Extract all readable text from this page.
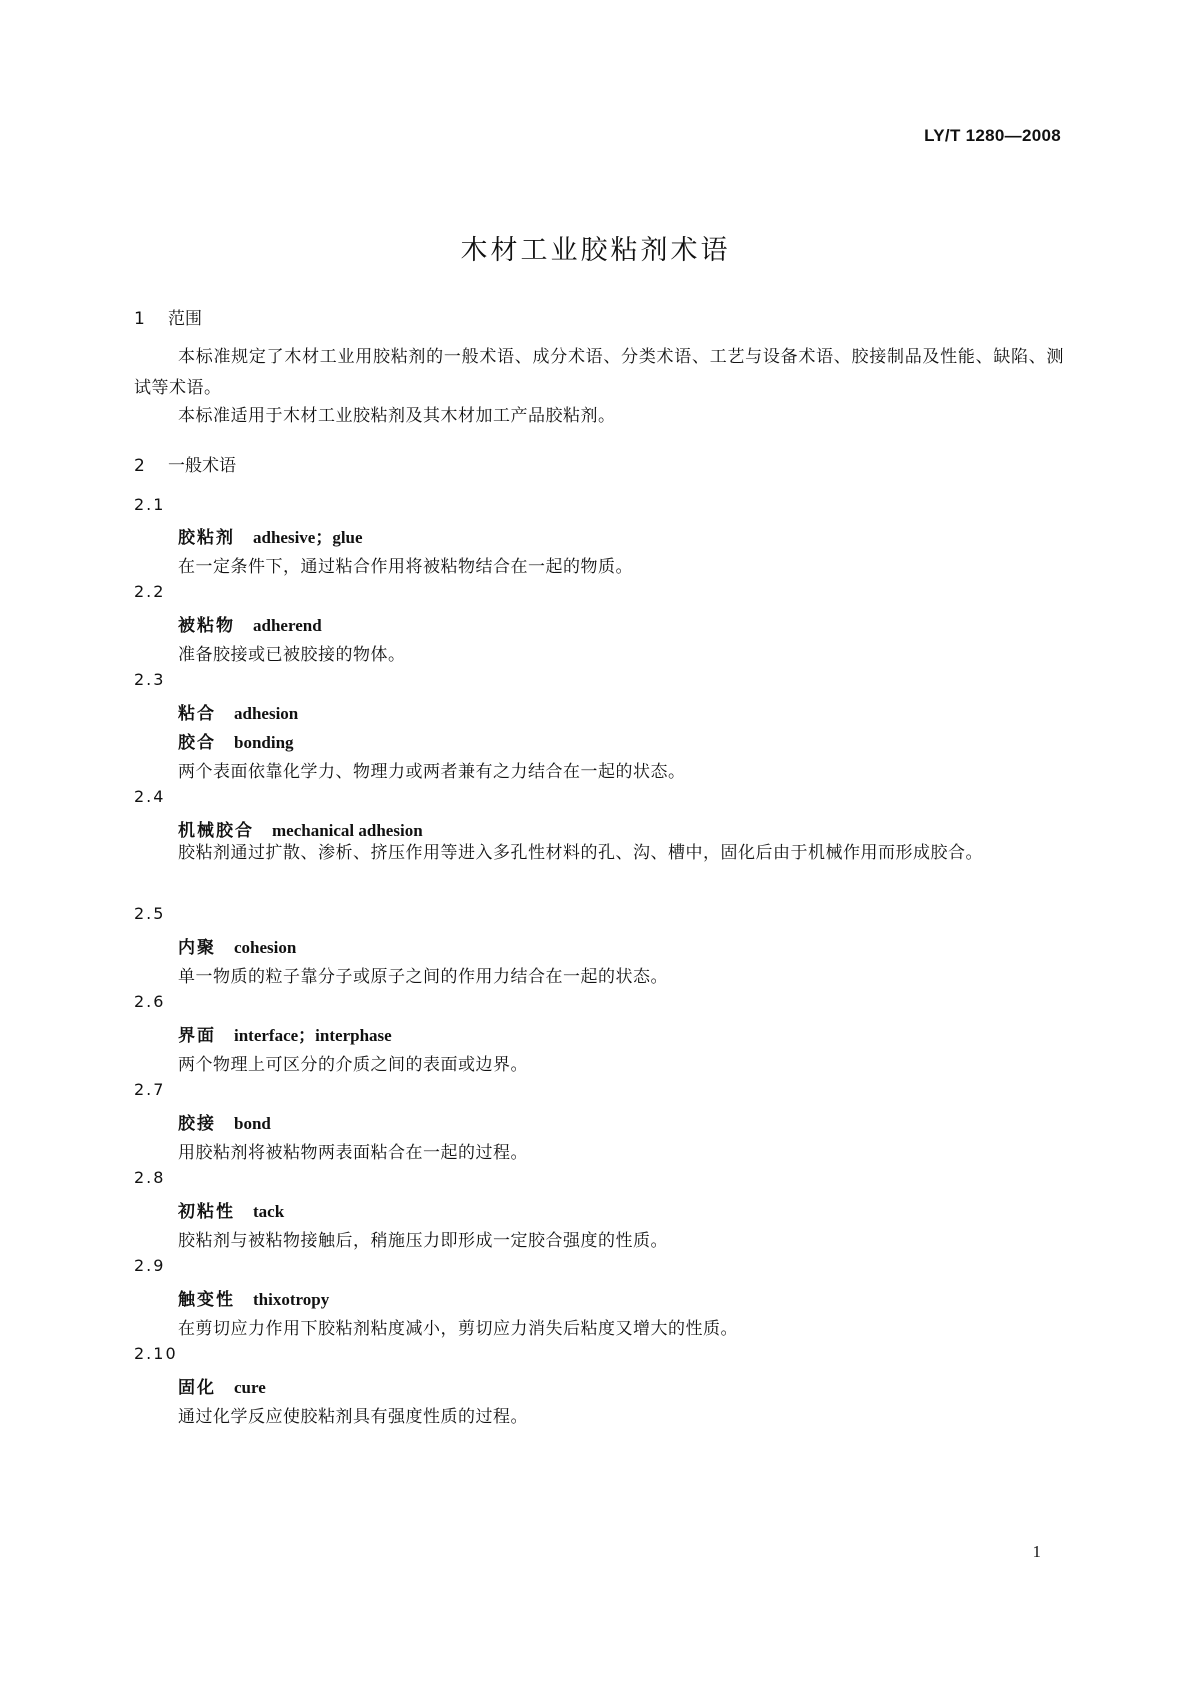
LY/T 1280—2008
木材工业胶粘剂术语
1 范围

本标准规定了木材工业用胶粘剂的一般术语、成分术语、分类术语、工艺与设备术语、胶接制品及性能、缺陷、测试等术语。

本标准适用于木材工业胶粘剂及其木材加工产品胶粘剂。

2 一般术语
2.1
胶粘剂 adhesive；glue
在一定条件下，通过粘合作用将被粘物结合在一起的物质。
2.2
被粘物 adherend
准备胶接或已被胶接的物体。
2.3
粘合 adhesion
胶合 bonding
两个表面依靠化学力、物理力或两者兼有之力结合在一起的状态。
2.4
机械胶合 mechanical adhesion
胶粘剂通过扩散、渗析、挤压作用等进入多孔性材料的孔、沟、槽中，固化后由于机械作用而形成胶合。
2.5
内聚 cohesion
单一物质的粒子靠分子或原子之间的作用力结合在一起的状态。
2.6
界面 interface；interphase
两个物理上可区分的介质之间的表面或边界。
2.7
胶接 bond
用胶粘剂将被粘物两表面粘合在一起的过程。
2.8
初粘性 tack
胶粘剂与被粘物接触后，稍施压力即形成一定胶合强度的性质。
2.9
触变性 thixotropy
在剪切应力作用下胶粘剂粘度减小，剪切应力消失后粘度又增大的性质。
2.10
固化 cure
通过化学反应使胶粘剂具有强度性质的过程。
1
